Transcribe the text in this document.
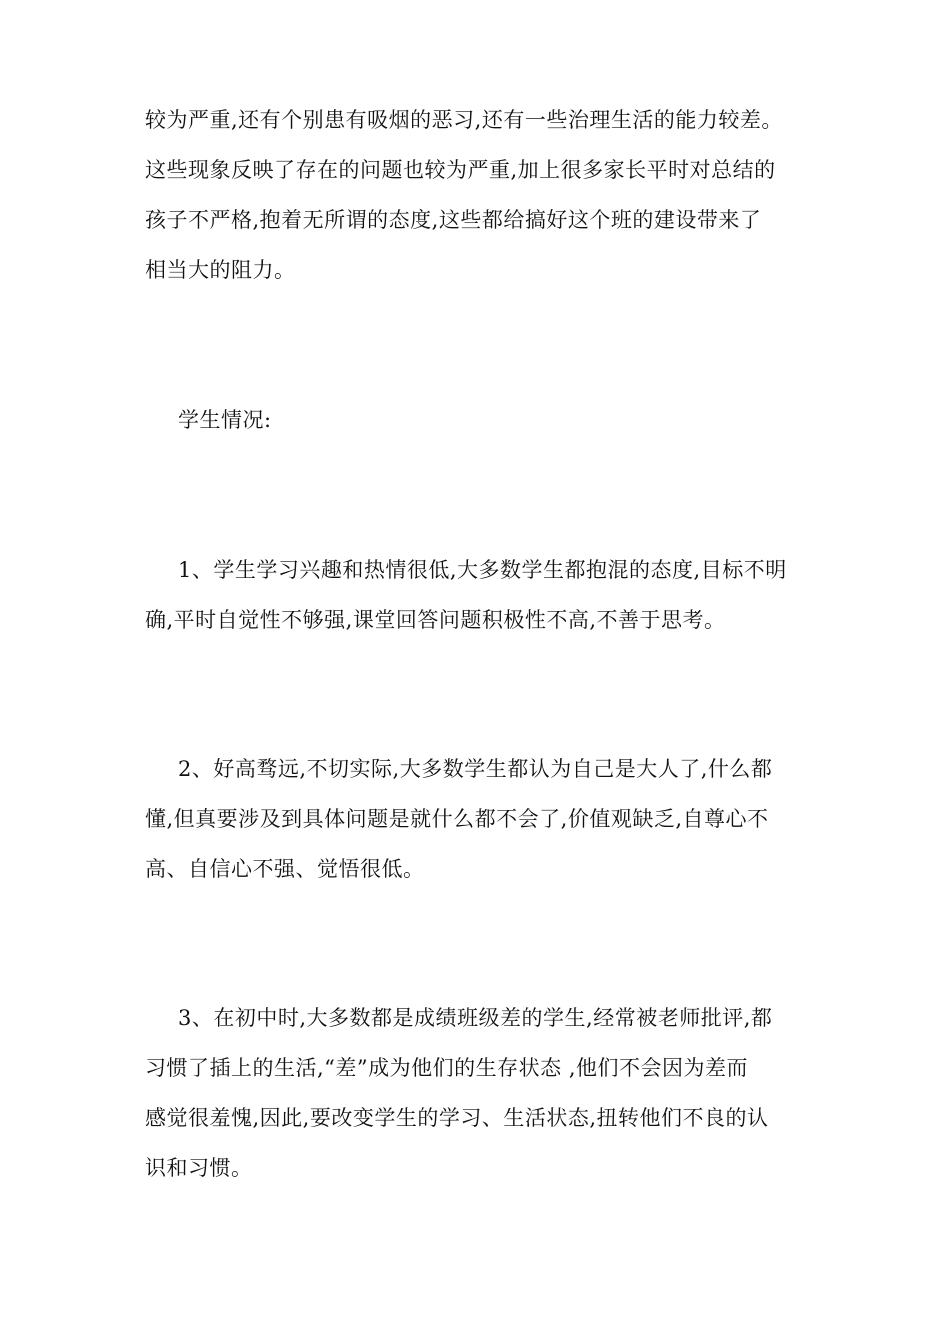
较为严重,还有个别患有吸烟的恶习,还有一些治理生活的能力较差。
这些现象反映了存在的问题也较为严重,加上很多家长平时对总结的
孩子不严格,抱着无所谓的态度,这些都给搞好这个班的建设带来了
相当大的阻力。
学生情况:
1、学生学习兴趣和热情很低,大多数学生都抱混的态度,目标不明
确,平时自觉性不够强,课堂回答问题积极性不高,不善于思考。
2、好高骛远,不切实际,大多数学生都认为自己是大人了,什么都
懂,但真要涉及到具体问题是就什么都不会了,价值观缺乏,自尊心不
高、自信心不强、觉悟很低。
3、在初中时,大多数都是成绩班级差的学生,经常被老师批评,都
习惯了插上的生活,“差”成为他们的生存状态 ,他们不会因为差而
感觉很羞愧,因此,要改变学生的学习、生活状态,扭转他们不良的认
识和习惯。
